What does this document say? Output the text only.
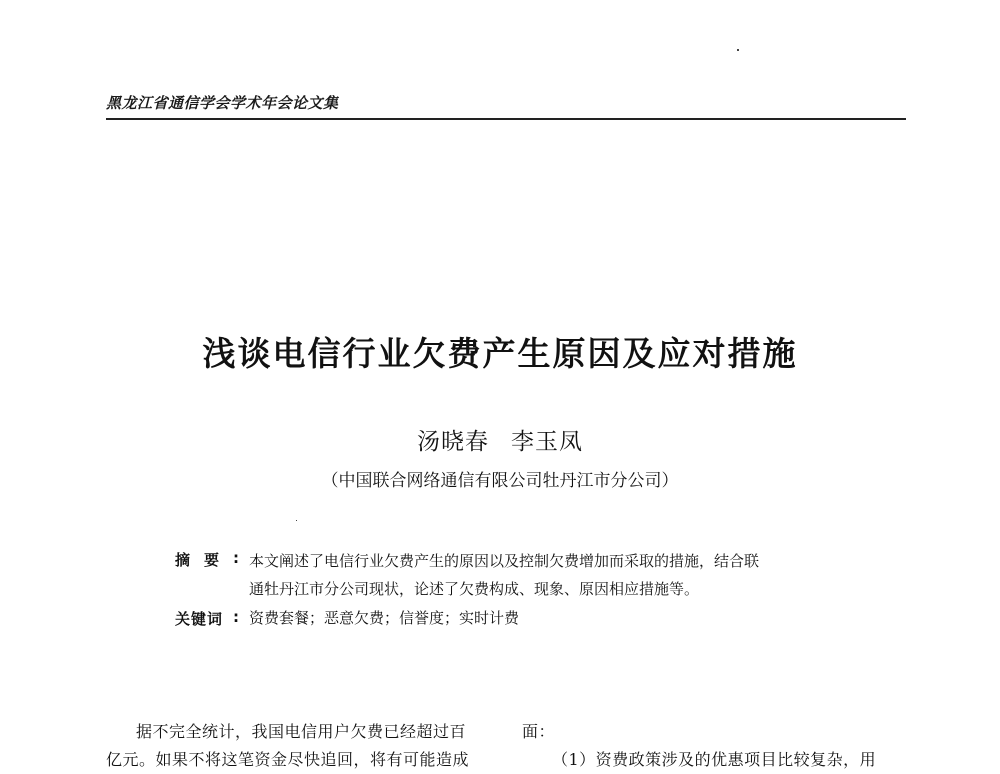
黑龙江省通信学会学术年会论文集
浅谈电信行业欠费产生原因及应对措施
汤晓春 李玉凤
（中国联合网络通信有限公司牡丹江市分公司）
摘要 : 本文阐述了电信行业欠费产生的原因以及控制欠费增加而采取的措施，结合联
通牡丹江市分公司现状，论述了欠费构成、现象、原因相应措施等。
关键词 : 资费套餐；恶意欠费；信誉度；实时计费
据不完全统计，我国电信用户欠费已经超过百
亿元。如果不将这笔资金尽快追回，将有可能造成
面：
（1）资费政策涉及的优惠项目比较复杂，用
